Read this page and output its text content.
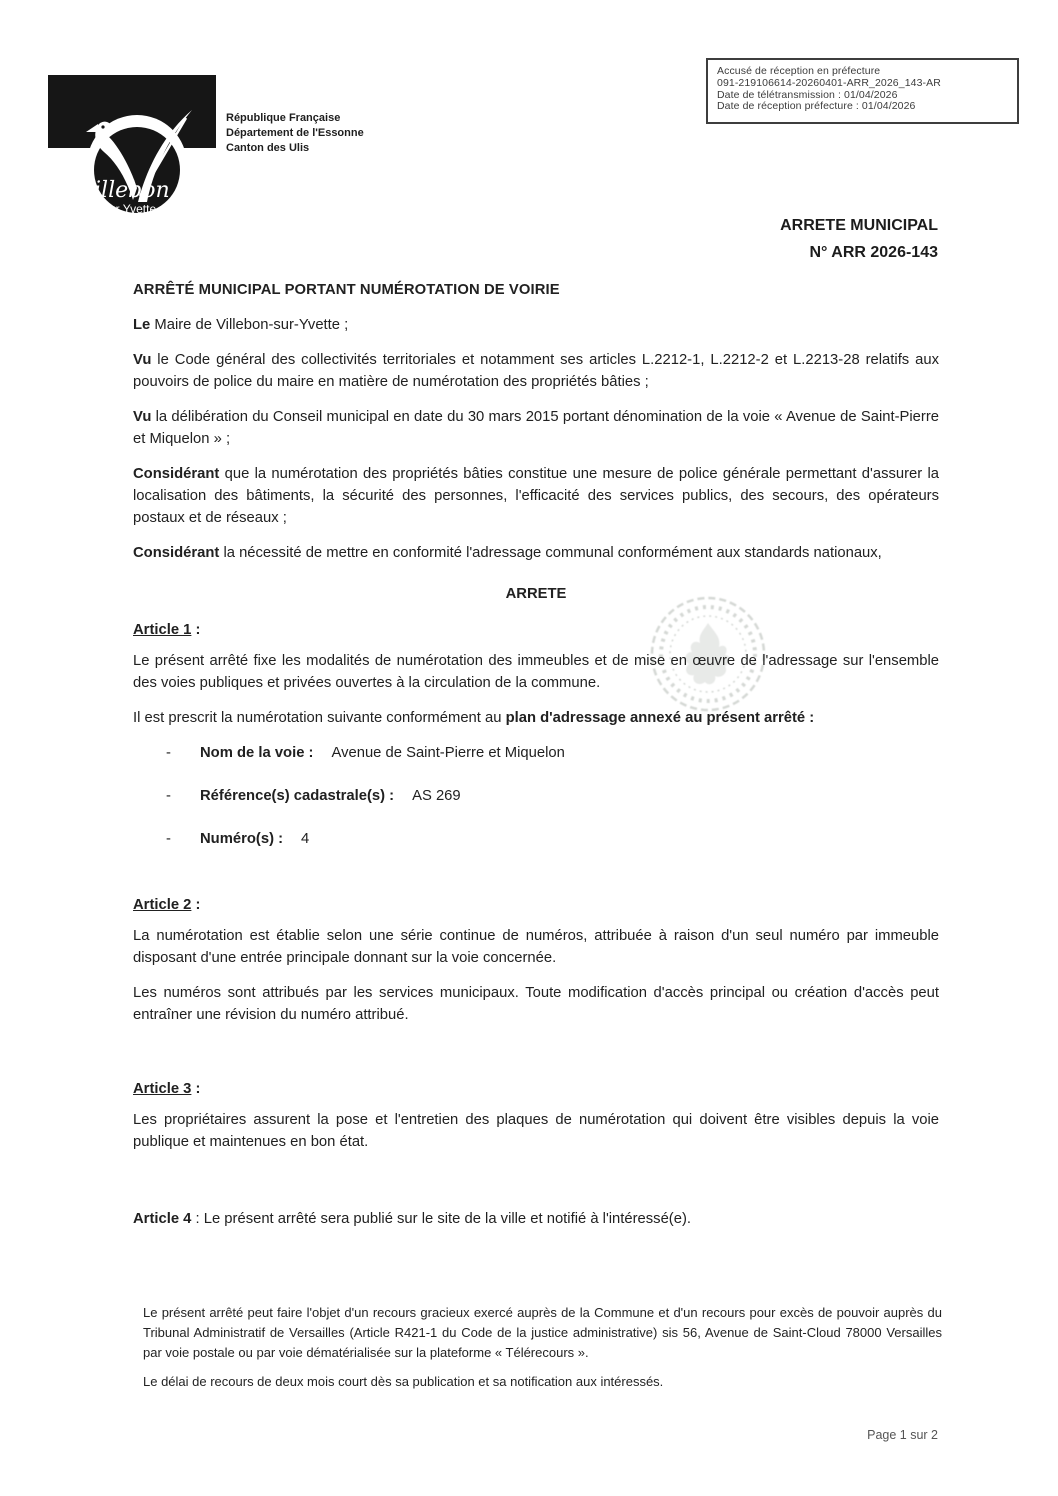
Accusé de réception en préfecture
091-219106614-20260401-ARR_2026_143-AR
Date de télétransmission : 01/04/2026
Date de réception préfecture : 01/04/2026
illebon
sur Yvette
République Française
Département de l'Essonne
Canton des Ulis
ARRETE MUNICIPAL
N° ARR 2026-143

ARRÊTÉ MUNICIPAL PORTANT NUMÉROTATION DE VOIRIE

Le Maire de Villebon-sur-Yvette ;

Vu le Code général des collectivités territoriales et notamment ses articles L.2212-1, L.2212-2 et L.2213-28 relatifs aux pouvoirs de police du maire en matière de numérotation des propriétés bâties ;

Vu la délibération du Conseil municipal en date du 30 mars 2015 portant dénomination de la voie « Avenue de Saint-Pierre et Miquelon » ;

Considérant que la numérotation des propriétés bâties constitue une mesure de police générale permettant d'assurer la localisation des bâtiments, la sécurité des personnes, l'efficacité des services publics, des secours, des opérateurs postaux et de réseaux ;

Considérant la nécessité de mettre en conformité l'adressage communal conformément aux standards nationaux,

ARRETE

Article 1 :

Le présent arrêté fixe les modalités de numérotation des immeubles et de mise en œuvre de l'adressage sur l'ensemble des voies publiques et privées ouvertes à la circulation de la commune.

Il est prescrit la numérotation suivante conformément au plan d'adressage annexé au présent arrêté :

-	Nom de la voie : Avenue de Saint-Pierre et Miquelon
-	Référence(s) cadastrale(s) : AS 269
-	Numéro(s) : 4

Article 2 :

La numérotation est établie selon une série continue de numéros, attribuée à raison d'un seul numéro par immeuble disposant d'une entrée principale donnant sur la voie concernée.

Les numéros sont attribués par les services municipaux. Toute modification d'accès principal ou création d'accès peut entraîner une révision du numéro attribué.

Article 3 :

Les propriétaires assurent la pose et l'entretien des plaques de numérotation qui doivent être visibles depuis la voie publique et maintenues en bon état.

Article 4 : Le présent arrêté sera publié sur le site de la ville et notifié à l'intéressé(e).

Le présent arrêté peut faire l'objet d'un recours gracieux exercé auprès de la Commune et d'un recours pour excès de pouvoir auprès du Tribunal Administratif de Versailles (Article R421-1 du Code de la justice administrative) sis 56, Avenue de Saint-Cloud 78000 Versailles par voie postale ou par voie dématérialisée sur la plateforme « Télérecours ».

Le délai de recours de deux mois court dès sa publication et sa notification aux intéressés.

Page 1 sur 2
